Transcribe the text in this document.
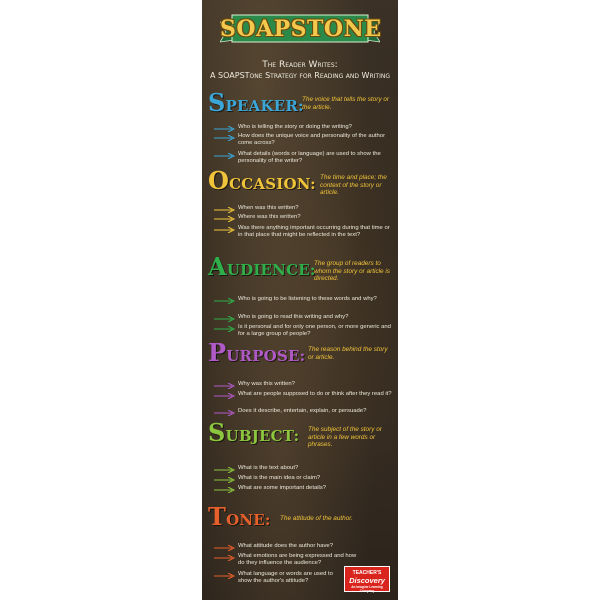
SOAPSTONE
The Reader Writes:
A SOAPSTone Strategy for Reading and Writing
SPEAKER:
The voice that tells the story or the article.
Who is telling the story or doing the writing?
How does the unique voice and personality of the author come across?
What details (words or language) are used to show the personality of the writer?
OCCASION: The time and place; the context of the story or article.
When was this written?
Where was this written?
Was there anything important occurring during that time or in that place that might be reflected in the text?
AUDIENCE:
The group of readers to whom the story or article is directed.
Who is going to be listening to these words and why?
Who is going to read this writing and why?
Is it personal and for only one person, or more generic and for a large group of people?
PURPOSE: The reason behind the story or article.
Why was this written?
What are people supposed to do or think after they read it?
Does it describe, entertain, explain, or persuade?
SUBJECT: The subject of the story or article in a few words or phrases.
What is the text about?
What is the main idea or claim?
What are some important details?
TONE: The attitude of the author.
What attitude does the author have?
What emotions are being expressed and how do they influence the audience?
What language or words are used to show the author's attitude?
TEACHER'S
Discovery
An Imagine Learning Company
